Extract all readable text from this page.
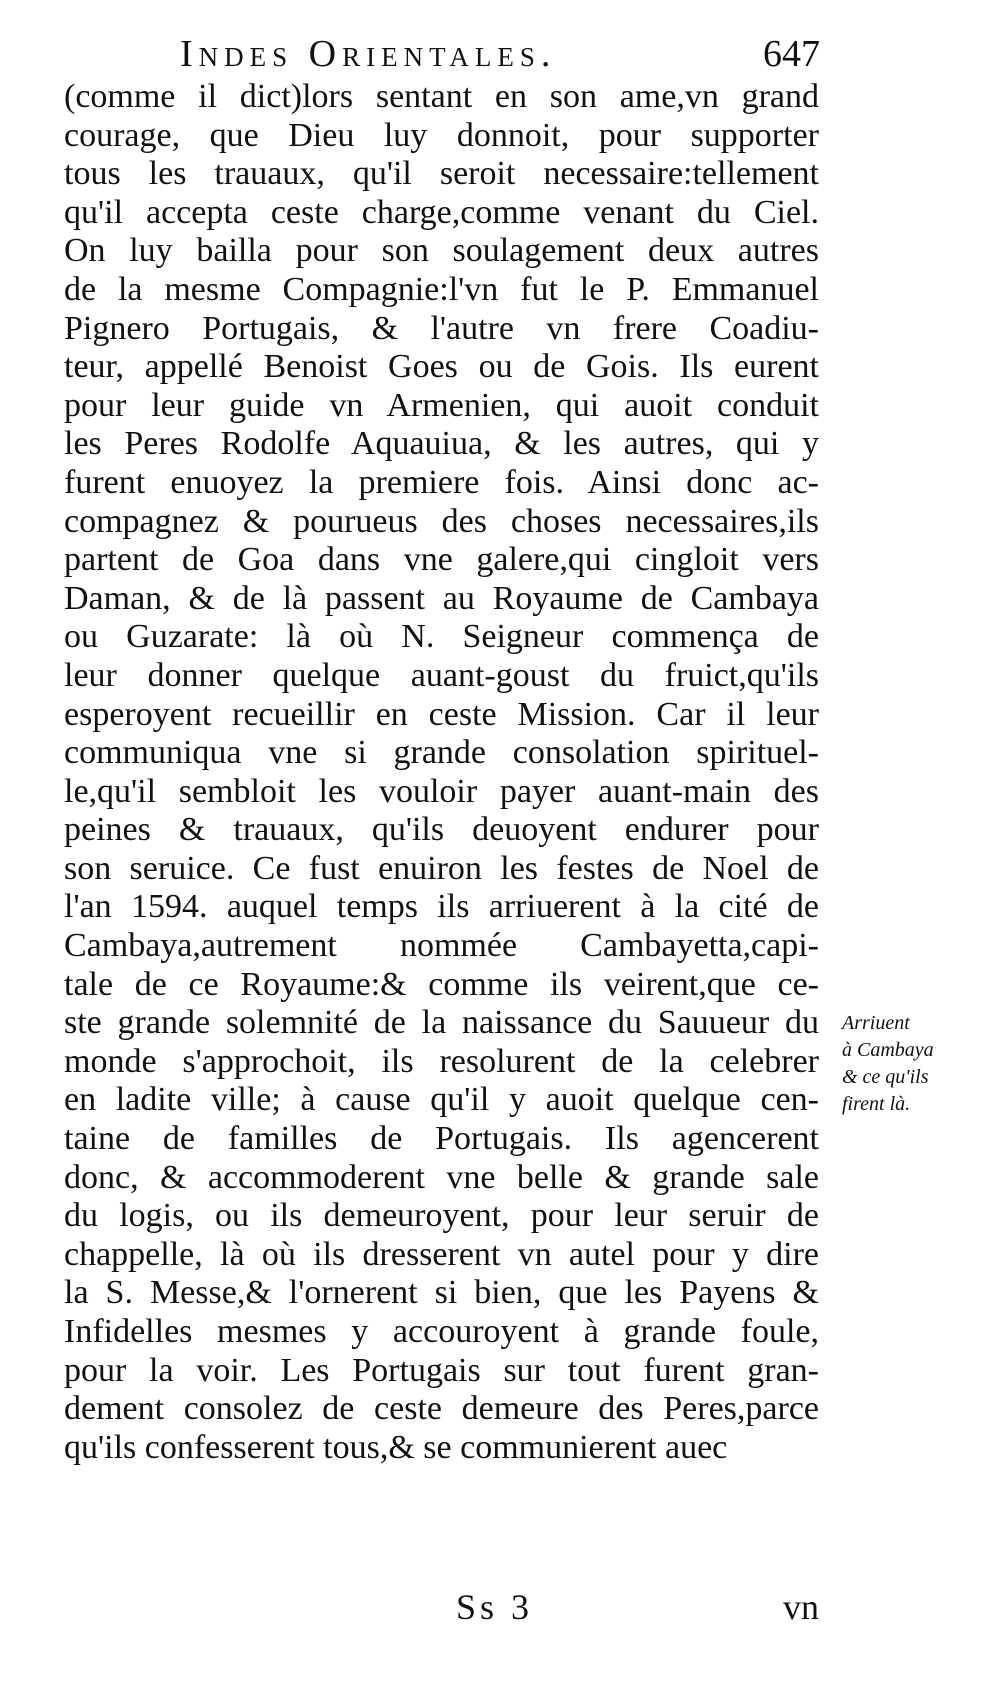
Indes Orientales.	647
(comme il dict)lors sentant en son ame,vn grand
courage, que Dieu luy donnoit, pour supporter
tous les trauaux, qu'il seroit necessaire:tellement
qu'il accepta ceste charge,comme venant du Ciel.
On luy bailla pour son soulagement deux autres
de la mesme Compagnie:l'vn fut le P. Emmanuel
Pignero Portugais, & l'autre vn frere Coadiu-
teur, appellé Benoist Goes ou de Gois. Ils eurent
pour leur guide vn Armenien, qui auoit conduit
les Peres Rodolfe Aquauiua, & les autres, qui y
furent enuoyez la premiere fois. Ainsi donc ac-
compagnez & pourueus des choses necessaires,ils
partent de Goa dans vne galere,qui cingloit vers
Daman, & de là passent au Royaume de Cambaya
ou Guzarate: là où N. Seigneur commença de
leur donner quelque auant-goust du fruict,qu'ils
esperoyent recueillir en ceste Mission. Car il leur
communiqua vne si grande consolation spirituel-
le,qu'il sembloit les vouloir payer auant-main des
peines & trauaux, qu'ils deuoyent endurer pour
son seruice. Ce fust enuiron les festes de Noel de
l'an 1594. auquel temps ils arriuerent à la cité de
Cambaya,autrement nommée Cambayetta,capi-
tale de ce Royaume:& comme ils veirent,que ce-
ste grande solemnité de la naissance du Sauueur du
monde s'approchoit, ils resolurent de la celebrer
en ladite ville; à cause qu'il y auoit quelque cen-
taine de familles de Portugais. Ils agencerent
donc, & accommoderent vne belle & grande sale
du logis, ou ils demeuroyent, pour leur seruir de
chappelle, là où ils dresserent vn autel pour y dire
la S. Messe,& l'ornerent si bien, que les Payens &
Infidelles mesmes y accouroyent à grande foule,
pour la voir. Les Portugais sur tout furent gran-
dement consolez de ceste demeure des Peres,parce
qu'ils confesserent tous,& se communierent auec
Arriuent
à Cambaya
& ce qu'ils
firent là.
Ss 3	vn
